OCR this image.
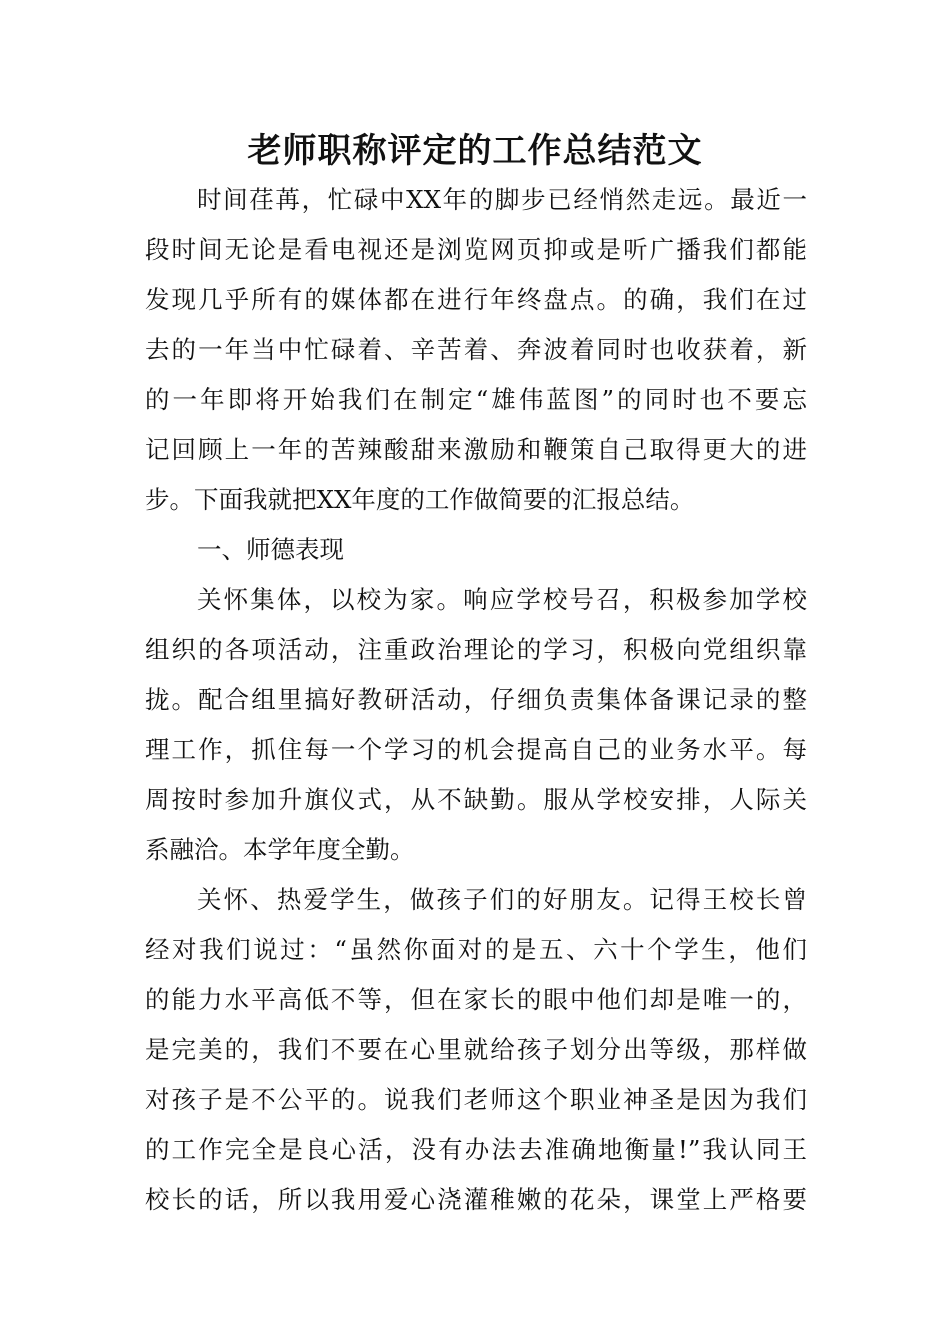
老师职称评定的工作总结范文
时间荏苒，忙碌中XX年的脚步已经悄然走远。最近一
段时间无论是看电视还是浏览网页抑或是听广播我们都能
发现几乎所有的媒体都在进行年终盘点。的确，我们在过
去的一年当中忙碌着、辛苦着、奔波着同时也收获着，新
的一年即将开始我们在制定“雄伟蓝图”的同时也不要忘
记回顾上一年的苦辣酸甜来激励和鞭策自己取得更大的进
步。下面我就把XX年度的工作做简要的汇报总结。
一、师德表现
关怀集体，以校为家。响应学校号召，积极参加学校
组织的各项活动，注重政治理论的学习，积极向党组织靠
拢。配合组里搞好教研活动，仔细负责集体备课记录的整
理工作，抓住每一个学习的机会提高自己的业务水平。每
周按时参加升旗仪式，从不缺勤。服从学校安排，人际关
系融洽。本学年度全勤。
关怀、热爱学生，做孩子们的好朋友。记得王校长曾
经对我们说过：“虽然你面对的是五、六十个学生，他们
的能力水平高低不等，但在家长的眼中他们却是唯一的，
是完美的，我们不要在心里就给孩子划分出等级，那样做
对孩子是不公平的。说我们老师这个职业神圣是因为我们
的工作完全是良心活，没有办法去准确地衡量!”我认同王
校长的话，所以我用爱心浇灌稚嫩的花朵，课堂上严格要
